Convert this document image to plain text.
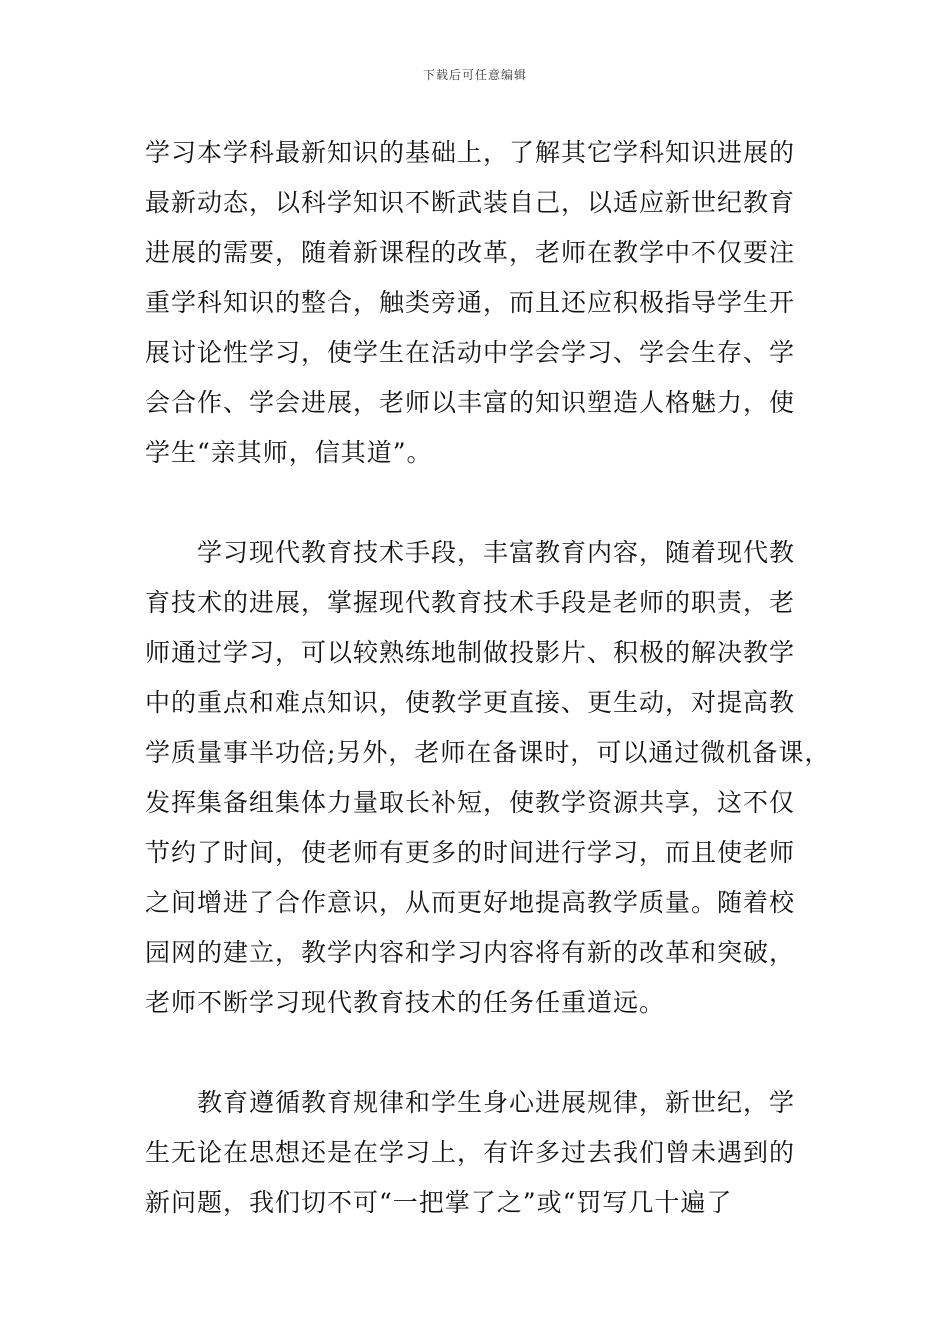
下载后可任意编辑
学习本学科最新知识的基础上，了解其它学科知识进展的
最新动态，以科学知识不断武装自己，以适应新世纪教育
进展的需要，随着新课程的改革，老师在教学中不仅要注
重学科知识的整合，触类旁通，而且还应积极指导学生开
展讨论性学习，使学生在活动中学会学习、学会生存、学
会合作、学会进展，老师以丰富的知识塑造人格魅力，使
学生“亲其师，信其道”。
　　学习现代教育技术手段，丰富教育内容，随着现代教
育技术的进展，掌握现代教育技术手段是老师的职责，老
师通过学习，可以较熟练地制做投影片、积极的解决教学
中的重点和难点知识，使教学更直接、更生动，对提高教
学质量事半功倍;另外，老师在备课时，可以通过微机备课，
发挥集备组集体力量取长补短，使教学资源共享，这不仅
节约了时间，使老师有更多的时间进行学习，而且使老师
之间增进了合作意识，从而更好地提高教学质量。随着校
园网的建立，教学内容和学习内容将有新的改革和突破，
老师不断学习现代教育技术的任务任重道远。
　　教育遵循教育规律和学生身心进展规律，新世纪，学
生无论在思想还是在学习上，有许多过去我们曾未遇到的
新问题，我们切不可“一把掌了之”或“罚写几十遍了
